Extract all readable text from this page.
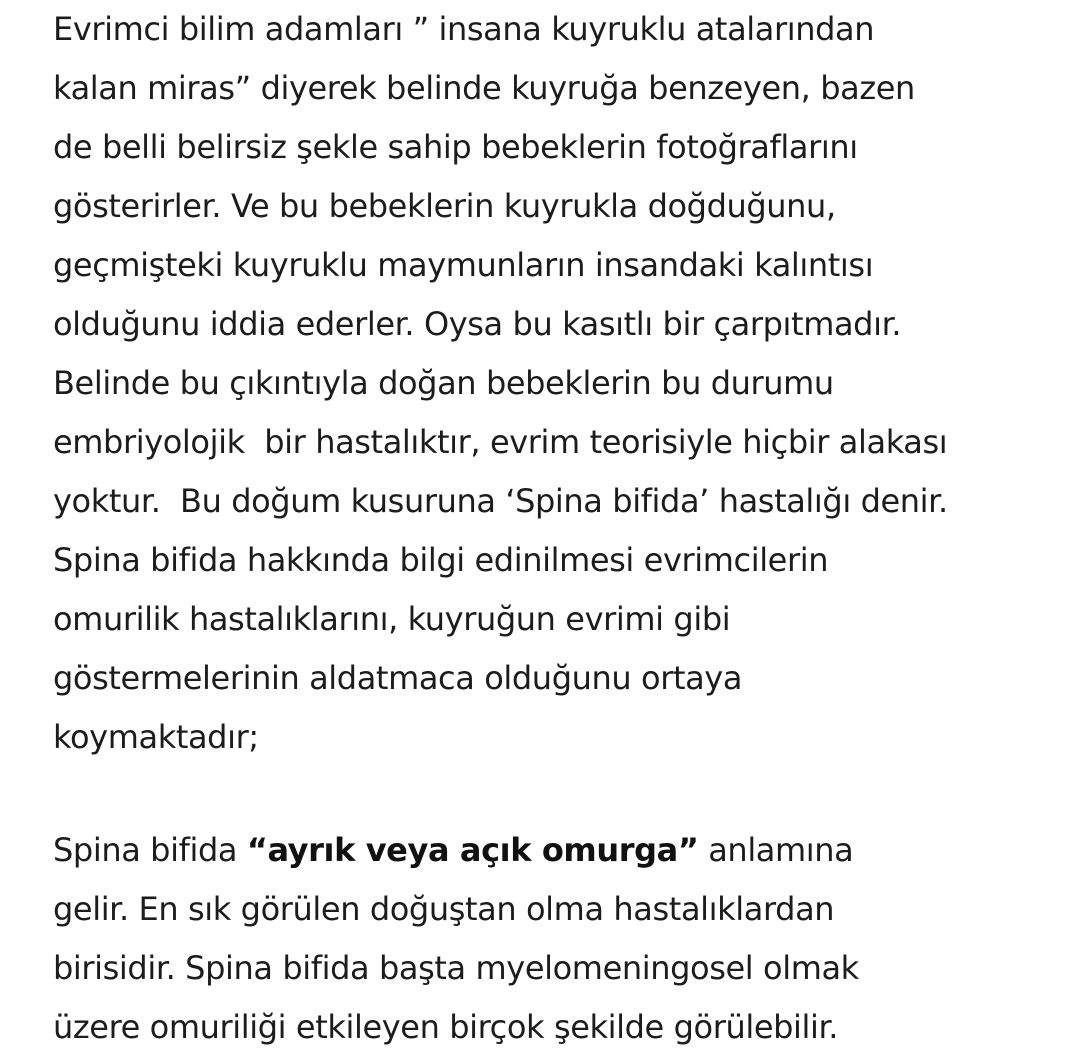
Evrimci bilim adamları ” insana kuyruklu atalarından
kalan miras” diyerek belinde kuyruğa benzeyen, bazen
de belli belirsiz şekle sahip bebeklerin fotoğraflarını
gösterirler. Ve bu bebeklerin kuyrukla doğduğunu,
geçmişteki kuyruklu maymunların insandaki kalıntısı
olduğunu iddia ederler. Oysa bu kasıtlı bir çarpıtmadır.
Belinde bu çıkıntıyla doğan bebeklerin bu durumu
embriyolojik  bir hastalıktır, evrim teorisiyle hiçbir alakası
yoktur.  Bu doğum kusuruna ‘Spina bifida’ hastalığı denir.
Spina bifida hakkında bilgi edinilmesi evrimcilerin
omurilik hastalıklarını, kuyruğun evrimi gibi
göstermelerinin aldatmaca olduğunu ortaya
koymaktadır;
Spina bifida “ayrık veya açık omurga” anlamına
gelir. En sık görülen doğuştan olma hastalıklardan
birisidir. Spina bifida başta myelomeningosel olmak
üzere omuriliği etkileyen birçok şekilde görülebilir.
